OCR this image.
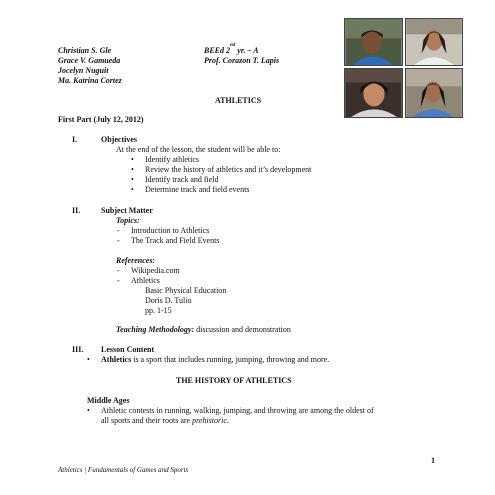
Christian S. Gle
Grace V. Gamueda
Jocelyn Nuguit
Ma. Katrina Cortez
BEEd 2nd yr. – A
Prof. Corazon T. Lapis
ATHLETICS
First Part (July 12, 2012)
I.	Objectives
At the end of the lesson, the student will be able to:
• Identify athletics
• Review the history of athletics and it’s development
• Identify track and field
• Determine track and field events
II.	Subject Matter
Topics:
- Introduction to Athletics
- The Track and Field Events
References:
- Wikipedia.com
- Athletics
Basic Physical Education
Doris D. Tulio
pp. 1-15
Teaching Methodology: discussion and demonstration
III. Lesson Content
• Athletics is a sport that includes running, jumping, throwing and more.
THE HISTORY OF ATHLETICS
Middle Ages
• Athletic contests in running, walking, jumping, and throwing are among the oldest of
all sports and their roots are prehistoric.
1
Athletics | Fundamentals of Games and Sports
